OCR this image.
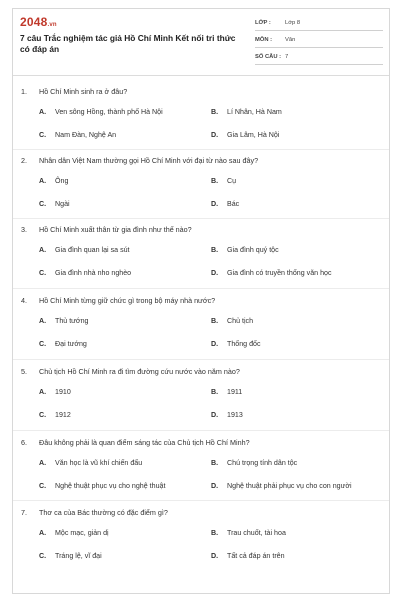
2048.vn
7 câu Trắc nghiệm tác giả Hồ Chí Minh Kết nối tri thức có đáp án
LỚP : Lớp 8
MÔN : Văn
SỐ CÂU : 7
1. Hồ Chí Minh sinh ra ở đâu?
A. Ven sông Hồng, thành phố Hà Nội	B. Lí Nhân, Hà Nam
C. Nam Đàn, Nghệ An	D. Gia Lâm, Hà Nội
2. Nhân dân Việt Nam thường gọi Hồ Chí Minh với đại từ nào sau đây?
A. Ông	B. Cụ
C. Ngài	D. Bác
3. Hồ Chí Minh xuất thân từ gia đình như thế nào?
A. Gia đình quan lại sa sút	B. Gia đình quý tộc
C. Gia đình nhà nho nghèo	D. Gia đình có truyền thống văn học
4. Hồ Chí Minh từng giữ chức gì trong bộ máy nhà nước?
A. Thủ tướng	B. Chủ tịch
C. Đại tướng	D. Thống đốc
5. Chủ tịch Hồ Chí Minh ra đi tìm đường cứu nước vào năm nào?
A. 1910	B. 1911
C. 1912	D. 1913
6. Đâu không phải là quan điểm sáng tác của Chủ tịch Hồ Chí Minh?
A. Văn học là vũ khí chiến đấu	B. Chú trọng tính dân tộc
C. Nghệ thuật phục vụ cho nghệ thuật	D. Nghệ thuật phải phục vụ cho con người
7. Thơ ca của Bác thường có đặc điểm gì?
A. Mộc mạc, giản dị	B. Trau chuốt, tài hoa
C. Tráng lệ, vĩ đại	D. Tất cả đáp án trên
